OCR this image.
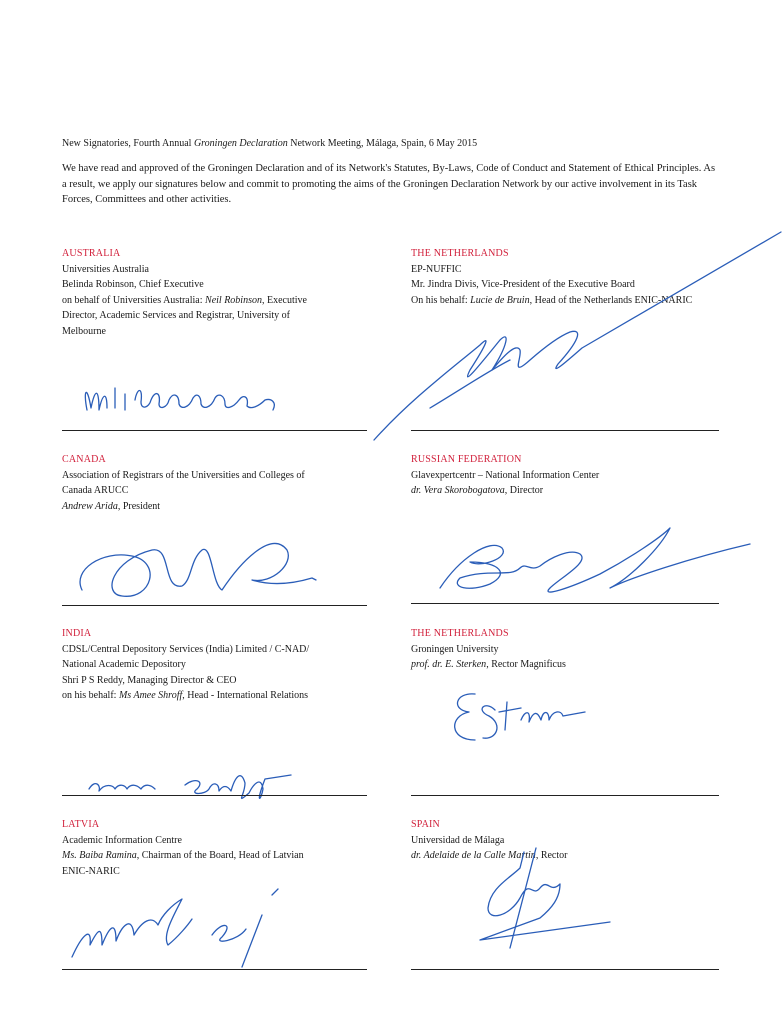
New Signatories, Fourth Annual Groningen Declaration Network Meeting, Málaga, Spain, 6 May 2015
We have read and approved of the Groningen Declaration and of its Network's Statutes, By-Laws, Code of Conduct and Statement of Ethical Principles. As a result, we apply our signatures below and commit to promoting the aims of the Groningen Declaration Network by our active involvement in its Task Forces, Committees and other activities.
AUSTRALIA
Universities Australia
Belinda Robinson, Chief Executive
on behalf of Universities Australia: Neil Robinson, Executive
Director, Academic Services and Registrar, University of
Melbourne
THE NETHERLANDS
EP-NUFFIC
Mr. Jindra Divis, Vice-President of the Executive Board
On his behalf: Lucie de Bruin, Head of the Netherlands ENIC-NARIC
CANADA
Association of Registrars of the Universities and Colleges of
Canada ARUCC
Andrew Arida, President
RUSSIAN FEDERATION
Glavexpertcentr – National Information Center
dr. Vera Skorobogatova, Director
INDIA
CDSL/Central Depository Services (India) Limited / C-NAD/
National Academic Depository
Shri P S Reddy, Managing Director & CEO
on his behalf: Ms Amee Shroff, Head - International Relations
THE NETHERLANDS
Groningen University
prof. dr. E. Sterken, Rector Magnificus
LATVIA
Academic Information Centre
Ms. Baiba Ramina, Chairman of the Board, Head of Latvian
ENIC-NARIC
SPAIN
Universidad de Málaga
dr. Adelaide de la Calle Martin, Rector
